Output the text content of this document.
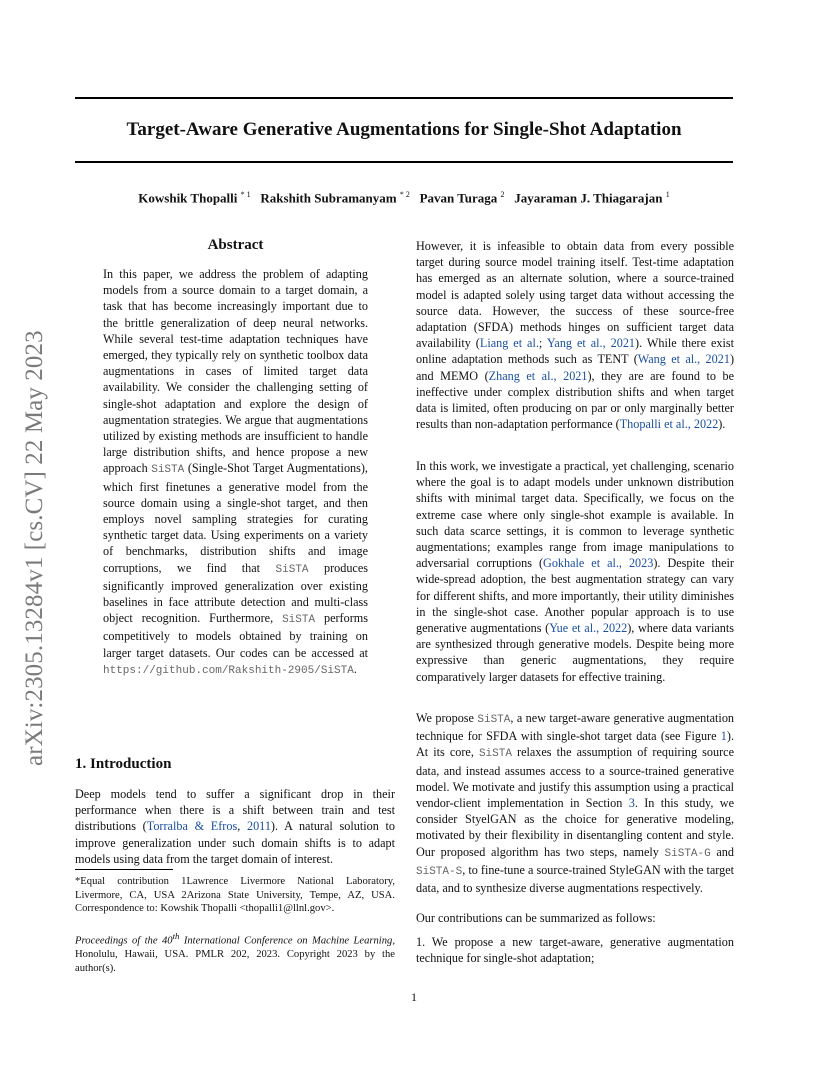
Target-Aware Generative Augmentations for Single-Shot Adaptation
Kowshik Thopalli $^{* 1}$ Rakshith Subramanyam $^{* 2}$ Pavan Turaga $^2$ Jayaraman J. Thiagarajan $^1$
arXiv:2305.13284v1 [cs.CV] 22 May 2023
Abstract

In this paper, we address the problem of adapting models from a source domain to a target domain, a task that has become increasingly important due to the brittle generalization of deep neural networks. While several test-time adaptation techniques have emerged, they typically rely on synthetic toolbox data augmentations in cases of limited target data availability. We consider the challenging setting of single-shot adaptation and explore the design of augmentation strategies. We argue that augmentations utilized by existing methods are insufficient to handle large distribution shifts, and hence propose a new approach SiSTA (Single-Shot Target Augmentations), which first finetunes a generative model from the source domain using a single-shot target, and then employs novel sampling strategies for curating synthetic target data. Using experiments on a variety of benchmarks, distribution shifts and image corruptions, we find that SiSTA produces significantly improved generalization over existing baselines in face attribute detection and multi-class object recognition. Furthermore, SiSTA performs competitively to models obtained by training on larger target datasets. Our codes can be accessed at https://github.com/Rakshith-2905/SiSTA.

1. Introduction

Deep models tend to suffer a significant drop in their performance when there is a shift between train and test distributions (Torralba & Efros, 2011). A natural solution to improve generalization under such domain shifts is to adapt models using data from the target domain of interest.

*Equal contribution 1Lawrence Livermore National Laboratory, Livermore, CA, USA 2Arizona State University, Tempe, AZ, USA. Correspondence to: Kowshik Thopalli <thopalli1@llnl.gov>.

Proceedings of the 40th International Conference on Machine Learning, Honolulu, Hawaii, USA. PMLR 202, 2023. Copyright 2023 by the author(s).

However, it is infeasible to obtain data from every possible target during source model training itself. Test-time adaptation has emerged as an alternate solution, where a source-trained model is adapted solely using target data without accessing the source data. However, the success of these source-free adaptation (SFDA) methods hinges on sufficient target data availability (Liang et al.; Yang et al., 2021). While there exist online adaptation methods such as TENT (Wang et al., 2021) and MEMO (Zhang et al., 2021), they are are found to be ineffective under complex distribution shifts and when target data is limited, often producing on par or only marginally better results than non-adaptation performance (Thopalli et al., 2022).

In this work, we investigate a practical, yet challenging, scenario where the goal is to adapt models under unknown distribution shifts with minimal target data. Specifically, we focus on the extreme case where only single-shot example is available. In such data scarce settings, it is common to leverage synthetic augmentations; examples range from image manipulations to adversarial corruptions (Gokhale et al., 2023). Despite their wide-spread adoption, the best augmentation strategy can vary for different shifts, and more importantly, their utility diminishes in the single-shot case. Another popular approach is to use generative augmentations (Yue et al., 2022), where data variants are synthesized through generative models. Despite being more expressive than generic augmentations, they require comparatively larger datasets for effective training.

We propose SiSTA, a new target-aware generative augmentation technique for SFDA with single-shot target data (see Figure 1). At its core, SiSTA relaxes the assumption of requiring source data, and instead assumes access to a source-trained generative model. We motivate and justify this assumption using a practical vendor-client implementation in Section 3. In this study, we consider StyelGAN as the choice for generative modeling, motivated by their flexibility in disentangling content and style. Our proposed algorithm has two steps, namely SiSTA-G and SiSTA-S, to fine-tune a source-trained StyleGAN with the target data, and to synthesize diverse augmentations respectively.

Our contributions can be summarized as follows:

1. We propose a new target-aware, generative augmentation technique for single-shot adaptation;

1
